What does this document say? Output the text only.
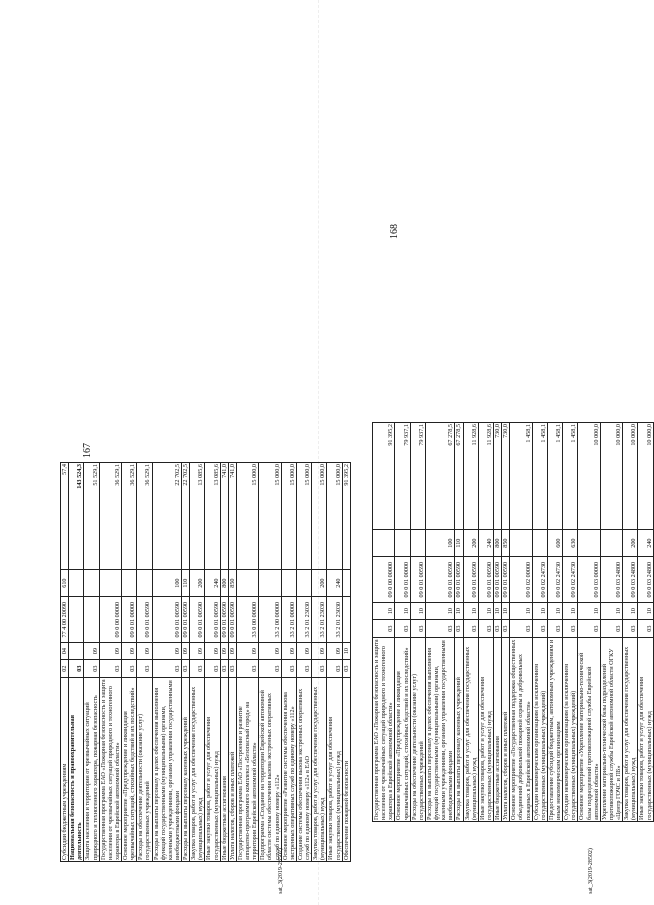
167
sat_3(2019-28502)
sat_3(2019-28502)
Субсидии бюджетным учреждениям	02	04	77 4 00 20090	610	57,4
Национальная безопасность и правоохранительная деятельность	03				143 524,3
Защита населения и территории от чрезвычайных ситуаций природного и техногенного характера, пожарная безопасность	03	09			51 529,1
Государственная программа ЕАО «Пожарная безопасность и защита населения от чрезвычайных ситуаций природного и техногенного характера в Еврейской автономной области»	03	09	09 0 00 00000		36 529,1
Основное мероприятие «Предупреждение и ликвидация чрезвычайных ситуаций, стихийных бедствий и их последствий»	03	09	09 0 01 00000		36 529,1
Расходы на обеспечение деятельности (оказание услуг) государственных учреждений	03	09	09 0 01 00590		36 529,1
Расходы на выплаты персоналу в целях обеспечения выполнения функций государственными (муниципальными) органами, казенными учреждениями, органами управления государственными внебюджетными фондами	03	09	09 0 01 00590	100	22 702,5
Расходы на выплаты персоналу казенных учреждений	03	09	09 0 01 00590	110	22 702,5
Закупка товаров, работ и услуг для обеспечения государственных (муниципальных) нужд	03	09	09 0 01 00590	200	13 085,6
Иные закупки товаров, работ и услуг для обеспечения государственных (муниципальных) нужд	03	09	09 0 01 00590	240	13 085,6
Иные бюджетные ассигнования	03	09	09 0 01 00590	800	741,0
Уплата налогов, сборов и иных платежей	03	09	09 0 01 00590	850	741,0
Государственная программа ЕАО «Построение и развитие аппаратно-программного комплекса «Безопасный город» на территории Еврейской автономной области»	03	09	33 0 00 00000		15 000,0
Подпрограмма «Создание на территории Еврейской автономной области системы обеспечения вызова экстренных оперативных служб по единому номеру «112»	03	09	33 2 00 00000		15 000,0
Основное мероприятие «Развитие системы обеспечения вызова экстренных оперативных служб по единому номеру «112»	03	09	33 2 01 00000		15 000,0
Создание системы обеспечения вызова экстренных оперативных служб по единому номеру «112» в ЕАО	03	09	33 2 01 23030		15 000,0
Закупка товаров, работ и услуг для обеспечения государственных (муниципальных) нужд	03	09	33 2 01 23030	200	15 000,0
Иные закупки товаров, работ и услуг для обеспечения государственных (муниципальных) нужд	03	09	33 2 01 23030	240	15 000,0
Обеспечение пожарной безопасности	03	10			91 395,2
168
Государственная программа ЕАО «Пожарная безопасность и защита населения от чрезвычайных ситуаций природного и техногенного характера в Еврейской автономной области»	03	10	09 0 00 00000		91 395,2
Основное мероприятие «Предупреждение и ликвидация чрезвычайных ситуаций, стихийных бедствий и их последствий»	03	10	09 0 01 00000		79 937,1
Расходы на обеспечение деятельности (оказание услуг) государственных учреждений	03	10	09 0 01 00590		79 937,1
Расходы на выплаты персоналу в целях обеспечения выполнения функций государственными (муниципальными) органами, казенными учреждениями, органами управления государственными внебюджетными фондами	03	10	09 0 01 00590	100	67 278,5
Расходы на выплаты персоналу казенных учреждений	03	10	09 0 01 00590	110	67 278,5
Закупка товаров, работ и услуг для обеспечения государственных (муниципальных) нужд	03	10	09 0 01 00590	200	11 928,6
Иные закупки товаров, работ и услуг для обеспечения государственных (муниципальных) нужд	03	10	09 0 01 00590	240	11 928,6
Иные бюджетные ассигнования	03	10	09 0 01 00590	800	730,0
Уплата налогов, сборов и иных платежей	03	10	09 0 01 00590	850	730,0
Основное мероприятие «Государственная поддержка общественных объединений добровольной пожарной охраны и добровольных пожарных в Еврейской автономной области»	03	10	09 0 02 00000		1 458,1
Субсидии некоммерческим организациям (за исключением государственных (муниципальных) учреждений)	03	10	09 0 02 24730		1 458,1
Предоставление субсидий бюджетным, автономным учреждениям и иным некоммерческим организациям	03	10	09 0 02 24730	600	1 458,1
Субсидии некоммерческим организациям (за исключением государственных (муниципальных) учреждений)	03	10	09 0 02 24730	630	1 458,1
Основное мероприятие «Укрепление материально-технической базы подразделений противопожарной службы Еврейской автономной области»	03	10	09 0 03 00000		10 000,0
Укрепление материально-технической базы подразделений противопожарной службы Еврейской автономной области ОГКУ «Центр ГОЧС и ПБ»	03	10	09 0 03 24800		10 000,0
Закупка товаров, работ и услуг для обеспечения государственных (муниципальных) нужд	03	10	09 0 03 24800	200	10 000,0
Иные закупки товаров, работ и услуг для обеспечения государственных (муниципальных) нужд	03	10	09 0 03 24800	240	10 000,0
